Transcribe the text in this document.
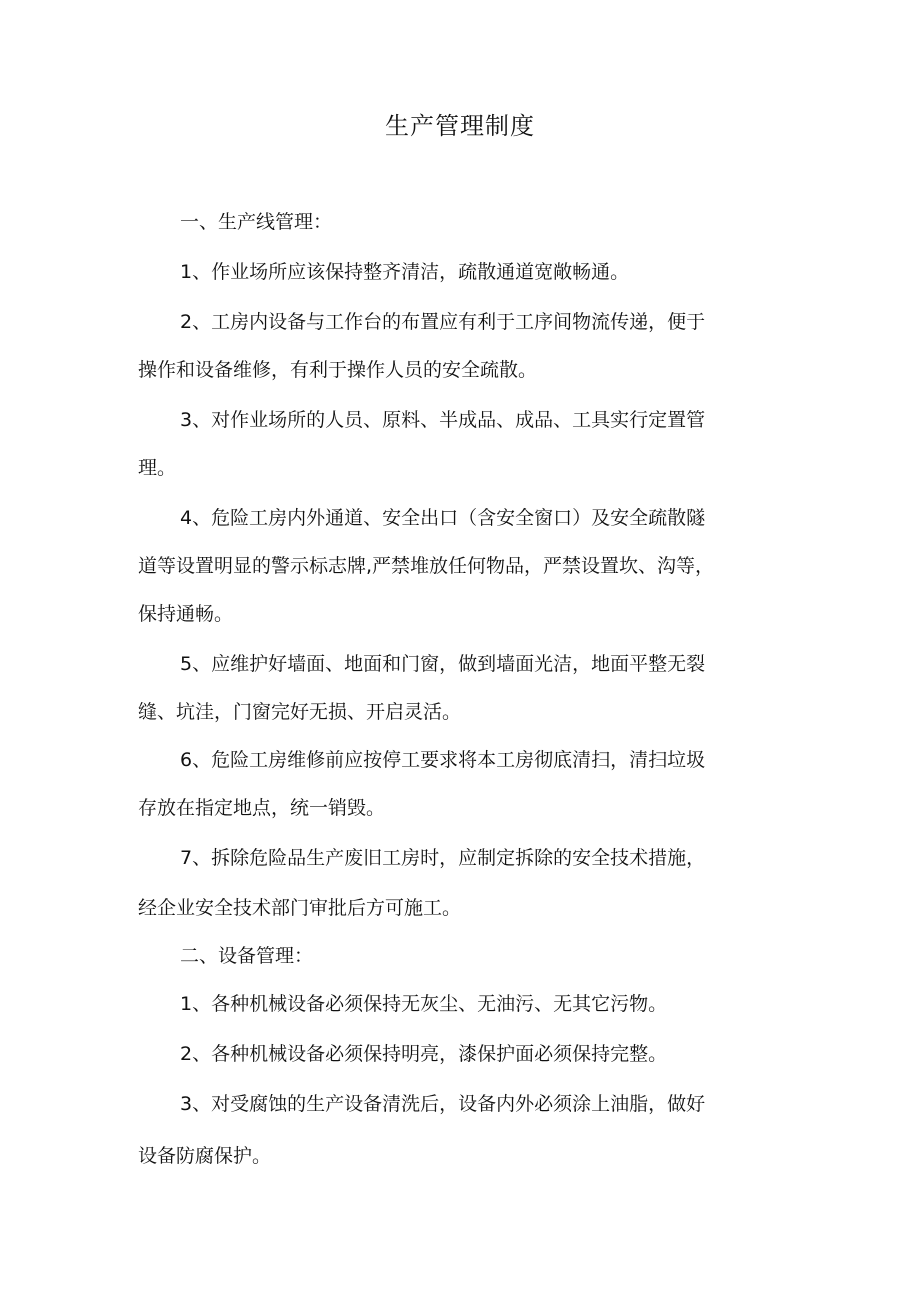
生产管理制度

一、生产线管理：

1、作业场所应该保持整齐清洁，疏散通道宽敞畅通。

2、工房内设备与工作台的布置应有利于工序间物流传递，便于

操作和设备维修，有利于操作人员的安全疏散。

3、对作业场所的人员、原料、半成品、成品、工具实行定置管

理。

4、危险工房内外通道、安全出口（含安全窗口）及安全疏散隧

道等设置明显的警示标志牌,严禁堆放任何物品，严禁设置坎、沟等，

保持通畅。

5、应维护好墙面、地面和门窗，做到墙面光洁，地面平整无裂

缝、坑洼，门窗完好无损、开启灵活。

6、危险工房维修前应按停工要求将本工房彻底清扫，清扫垃圾

存放在指定地点，统一销毁。

7、拆除危险品生产废旧工房时，应制定拆除的安全技术措施，

经企业安全技术部门审批后方可施工。

二、设备管理：

1、各种机械设备必须保持无灰尘、无油污、无其它污物。

2、各种机械设备必须保持明亮，漆保护面必须保持完整。

3、对受腐蚀的生产设备清洗后，设备内外必须涂上油脂，做好

设备防腐保护。
